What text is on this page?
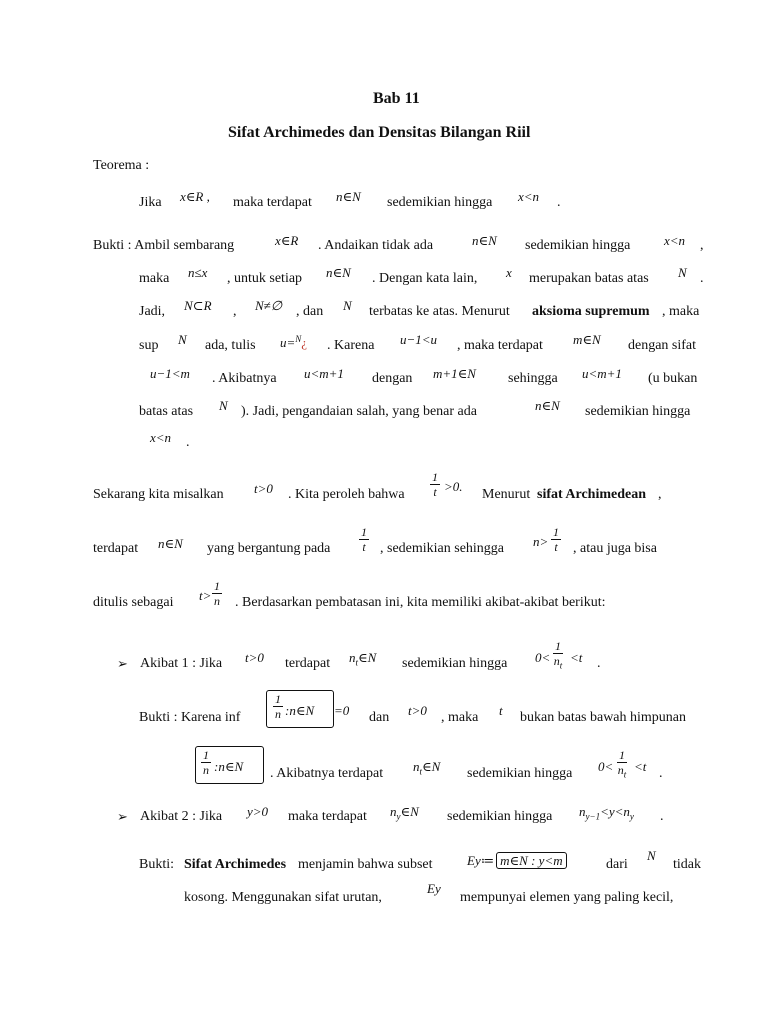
Bab 11
Sifat Archimedes dan Densitas Bilangan Riil
Teorema :
Jika x∈R , maka terdapat n∈N sedemikian hingga x<n .
Bukti : Ambil sembarang	x∈R . Andaikan tidak ada	n∈N sedemikian hingga	x<n ,
maka n≤x , untuk setiap n∈N . Dengan kata lain, x merupakan batas atas N .
Jadi, N⊂R , N≠∅ , dan N terbatas ke atas. Menurut aksioma supremum , maka
sup N ada, tulis u=$^N$¿ . Karena u−1<u , maka terdapat m∈N dengan sifat
u−1<m . Akibatnya u<m+1 dengan m+1∈N sehingga u<m+1 (u bukan
batas atas N ). Jadi, pengandaian salah, yang benar ada	n∈N sedemikian hingga
x<n .
Sekarang kita misalkan t>0 . Kita peroleh bahwa $\frac{1}{t} >0$.
Menurut sifat Archimedean ,
terdapat n∈N yang bergantung pada $\frac{1}{t}$ , sedemikian sehingga $n> \frac{1}{t}$ , atau juga bisa
ditulis sebagai $t> \frac{1}{n}$ . Berdasarkan pembatasan ini, kita memiliki akibat-akibat berikut:
➢ Akibat 1 : Jika t>0 terdapat $n_t\in N$ sedemikian hingga $0< \frac{1}{n_t} <t$ .
Bukti : Karena inf	$\frac{1}{n}$ :n∈N =0 dan t>0 , maka t bukan batas bawah himpunan
$\frac{1}{n}$ :n∈N . Akibatnya terdapat $n_t\in N$ sedemikian hingga $0< \frac{1}{n_t} <t$ .
➢ Akibat 2 : Jika y>0 maka terdapat $n_y\in N$ sedemikian hingga $n_{y-1}<y<n_y$ .
Bukti: Sifat Archimedes menjamin bahwa subset	Ey≔ m∈N : y<m	dari
N
tidak
kosong. Menggunakan sifat urutan,
Ey
mempunyai elemen yang paling kecil,
